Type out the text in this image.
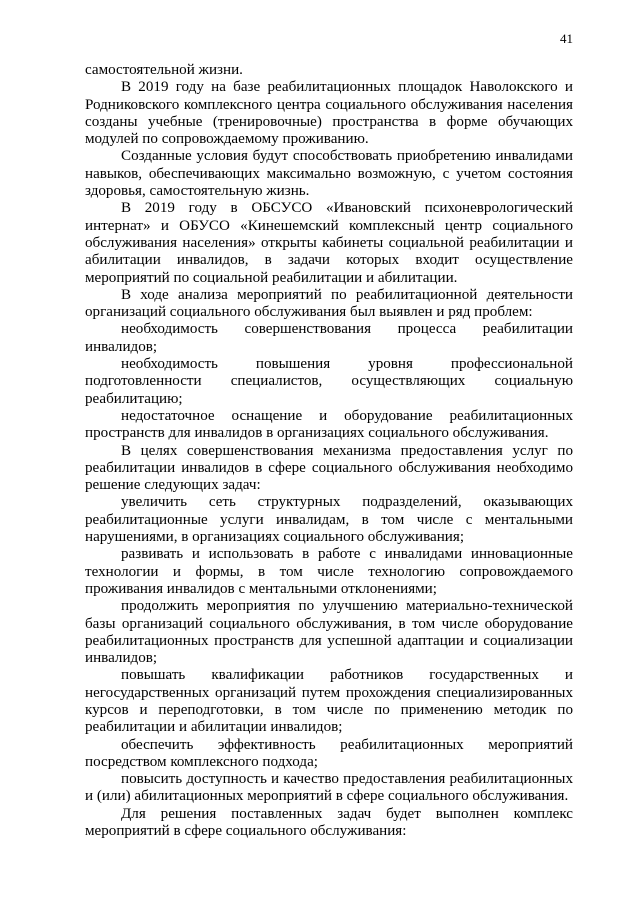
41

самостоятельной жизни.

В 2019 году на базе реабилитационных площадок Наволокского и Родниковского комплексного центра социального обслуживания населения созданы учебные (тренировочные) пространства в форме обучающих модулей по сопровождаемому проживанию.

Созданные условия будут способствовать приобретению инвалидами навыков, обеспечивающих максимально возможную, с учетом состояния здоровья, самостоятельную жизнь.

В 2019 году в ОБСУСО «Ивановский психоневрологический интернат» и ОБУСО «Кинешемский комплексный центр социального обслуживания населения» открыты кабинеты социальной реабилитации и абилитации инвалидов, в задачи которых входит осуществление мероприятий по социальной реабилитации и абилитации.

В ходе анализа мероприятий по реабилитационной деятельности организаций социального обслуживания был выявлен и ряд проблем:

необходимость совершенствования процесса реабилитации инвалидов;

необходимость повышения уровня профессиональной подготовленности специалистов, осуществляющих социальную реабилитацию;

недостаточное оснащение и оборудование реабилитационных пространств для инвалидов в организациях социального обслуживания.

В целях совершенствования механизма предоставления услуг по реабилитации инвалидов в сфере социального обслуживания необходимо решение следующих задач:

увеличить сеть структурных подразделений, оказывающих реабилитационные услуги инвалидам, в том числе с ментальными нарушениями, в организациях социального обслуживания;

развивать и использовать в работе с инвалидами инновационные технологии и формы, в том числе технологию сопровождаемого проживания инвалидов с ментальными отклонениями;

продолжить мероприятия по улучшению материально-технической базы организаций социального обслуживания, в том числе оборудование реабилитационных пространств для успешной адаптации и социализации инвалидов;

повышать квалификации работников государственных и негосударственных организаций путем прохождения специализированных курсов и переподготовки, в том числе по применению методик по реабилитации и абилитации инвалидов;

обеспечить эффективность реабилитационных мероприятий посредством комплексного подхода;

повысить доступность и качество предоставления реабилитационных и (или) абилитационных мероприятий в сфере социального обслуживания.

Для решения поставленных задач будет выполнен комплекс мероприятий в сфере социального обслуживания:
